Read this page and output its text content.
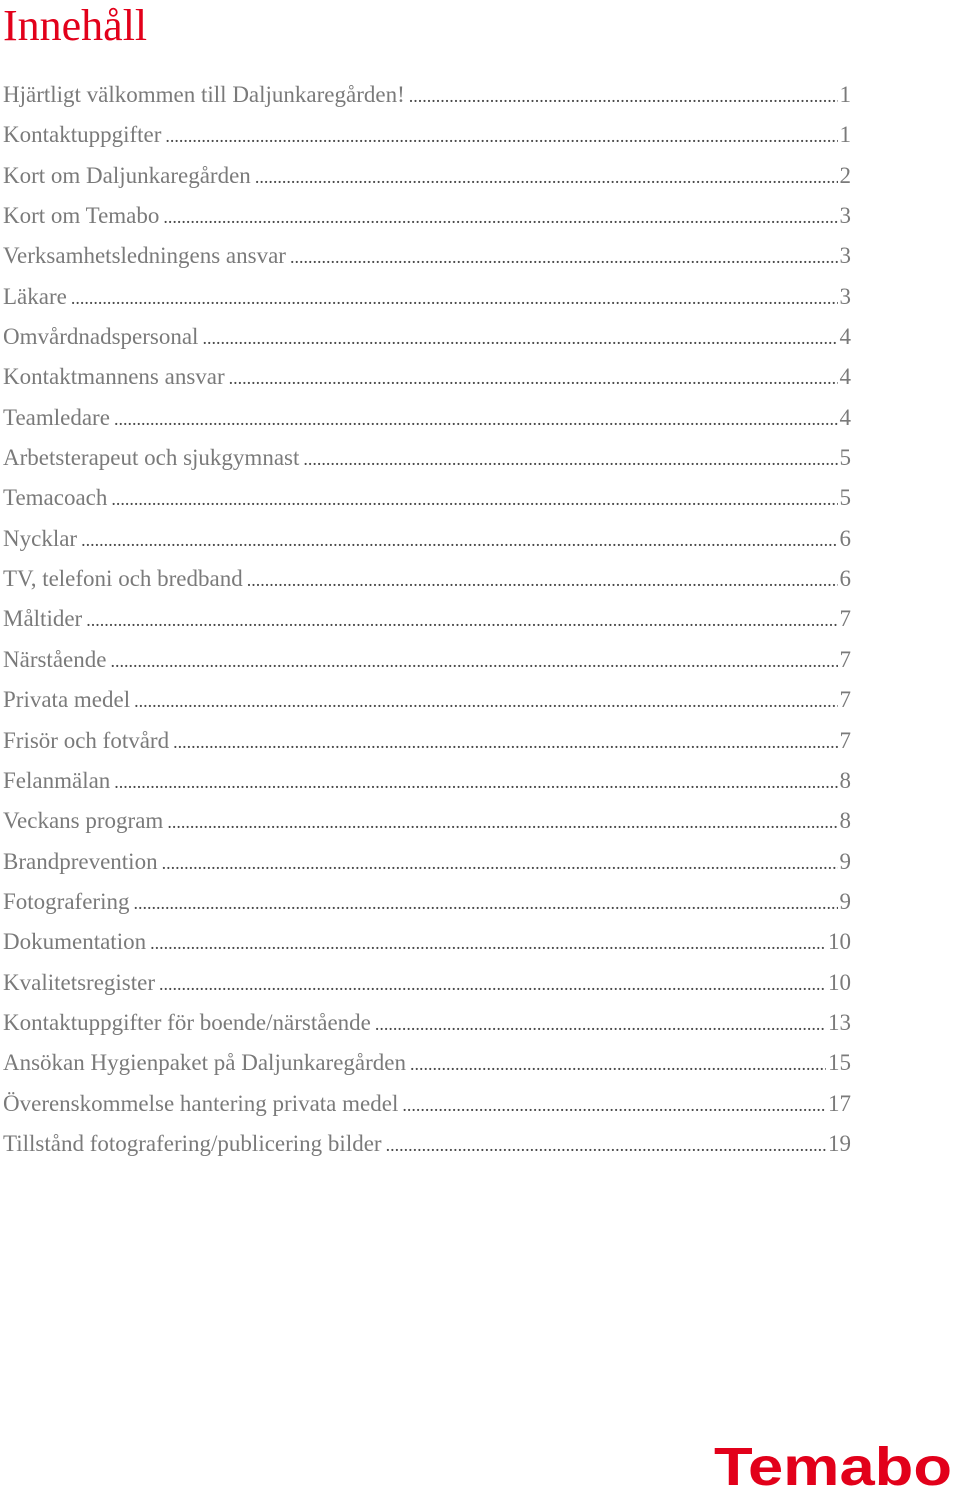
Innehåll
Hjärtligt välkommen till Daljunkaregården! .....	1
Kontaktuppgifter .....	1
Kort om Daljunkaregården .....	2
Kort om Temabo .....	3
Verksamhetsledningens ansvar .....	3
Läkare .....	3
Omvårdnadspersonal .....	4
Kontaktmannens ansvar .....	4
Teamledare .....	4
Arbetsterapeut och sjukgymnast .....	5
Temacoach .....	5
Nycklar .....	6
TV, telefoni och bredband .....	6
Måltider .....	7
Närstående .....	7
Privata medel .....	7
Frisör och fotvård .....	7
Felanmälan .....	8
Veckans program .....	8
Brandprevention .....	9
Fotografering .....	9
Dokumentation .....	10
Kvalitetsregister .....	10
Kontaktuppgifter för boende/närstående .....	13
Ansökan Hygienpaket på Daljunkaregården .....	15
Överenskommelse hantering privata medel .....	17
Tillstånd fotografering/publicering bilder .....	19
Temabo
